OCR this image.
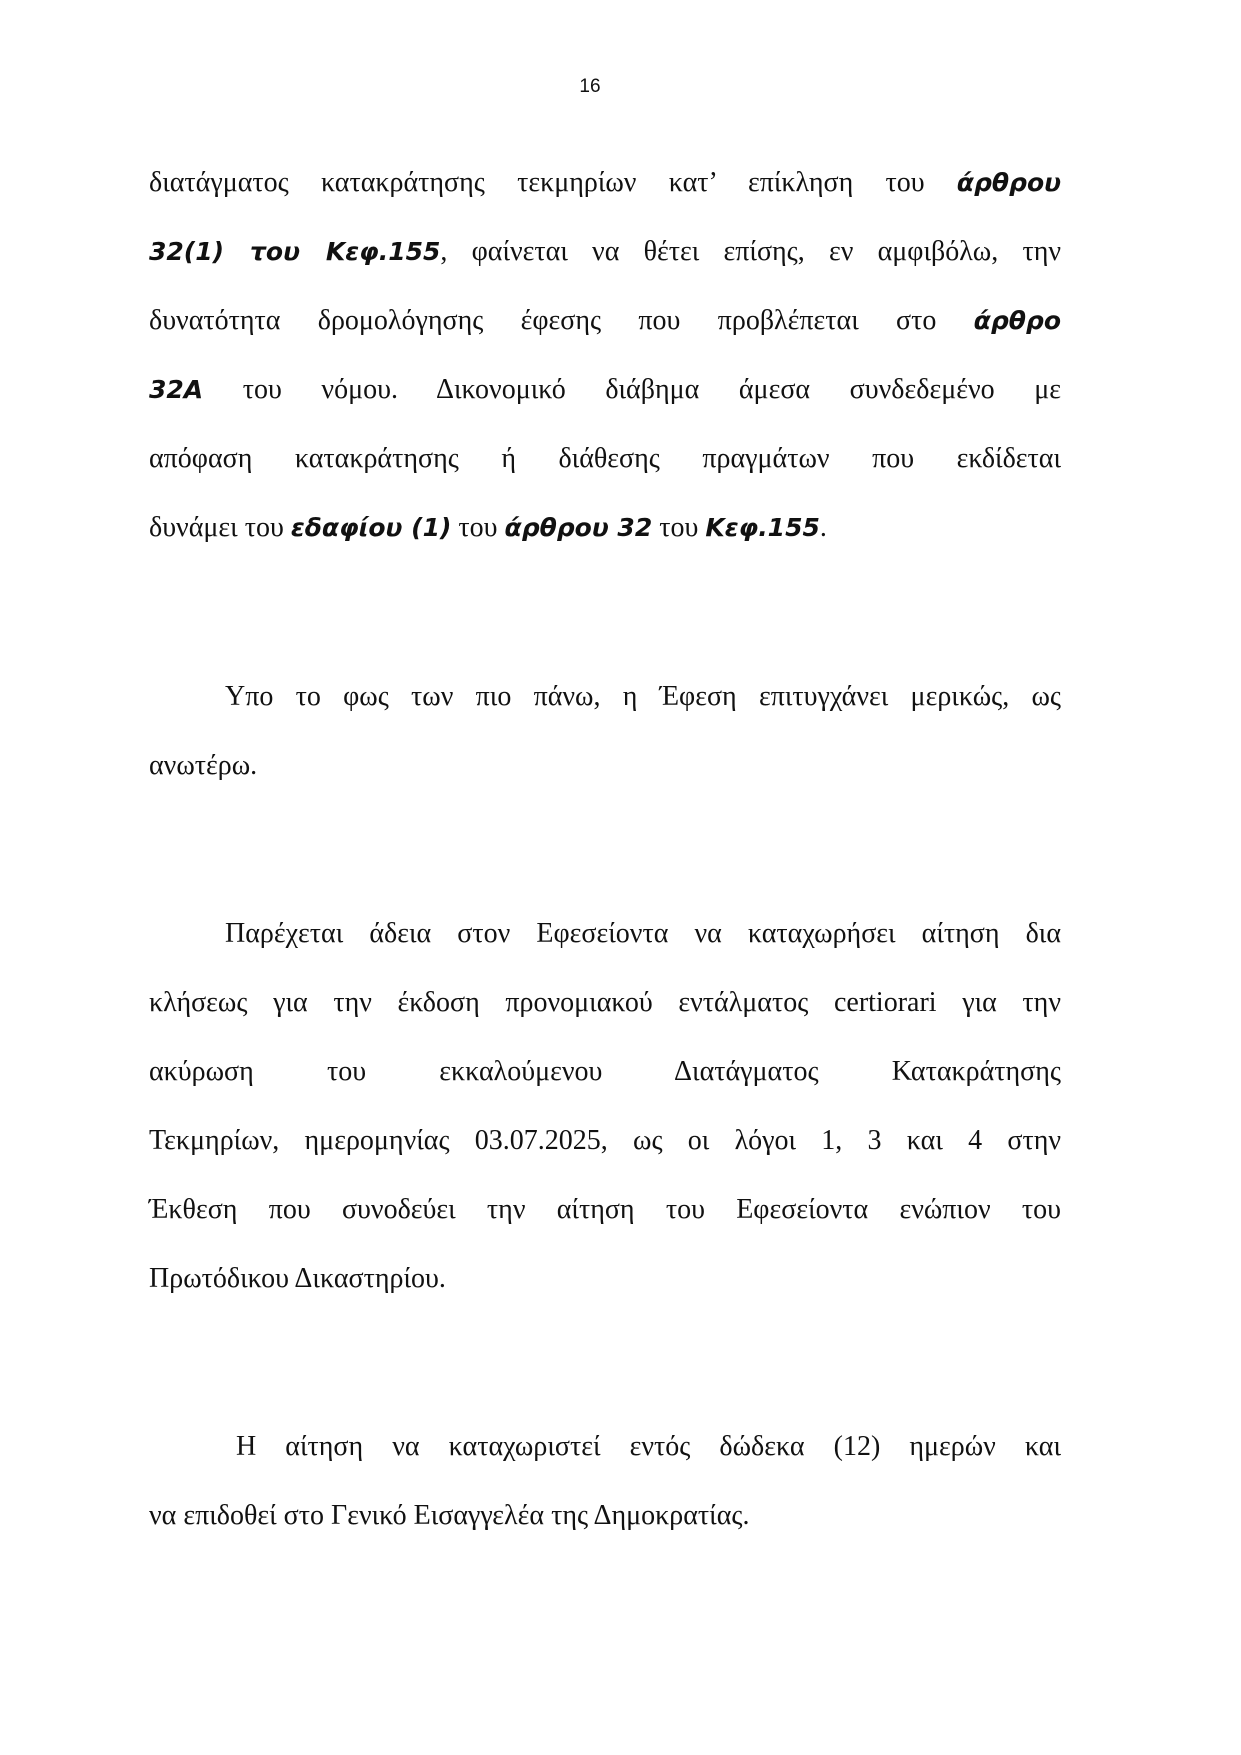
16

διατάγματος κατακράτησης τεκμηρίων κατ’ επίκληση του άρθρου
32(1) του Κεφ.155, φαίνεται να θέτει επίσης, εν αμφιβόλω, την
δυνατότητα δρομολόγησης έφεσης που προβλέπεται στο άρθρο
32Α του νόμου. Δικονομικό διάβημα άμεσα συνδεδεμένο με
απόφαση κατακράτησης ή διάθεσης πραγμάτων που εκδίδεται
δυνάμει του εδαφίου (1) του άρθρου 32 του Κεφ.155.

Υπο το φως των πιο πάνω, η Έφεση επιτυγχάνει μερικώς, ως
ανωτέρω.

Παρέχεται άδεια στον Εφεσείοντα να καταχωρήσει αίτηση δια
κλήσεως για την έκδοση προνομιακού εντάλματος certiorari για την
ακύρωση του εκκαλούμενου Διατάγματος Κατακράτησης
Τεκμηρίων, ημερομηνίας 03.07.2025, ως οι λόγοι 1, 3 και 4 στην
Έκθεση που συνοδεύει την αίτηση του Εφεσείοντα ενώπιον του
Πρωτόδικου Δικαστηρίου.

Η αίτηση να καταχωριστεί εντός δώδεκα (12) ημερών και
να επιδοθεί στο Γενικό Εισαγγελέα της Δημοκρατίας.
